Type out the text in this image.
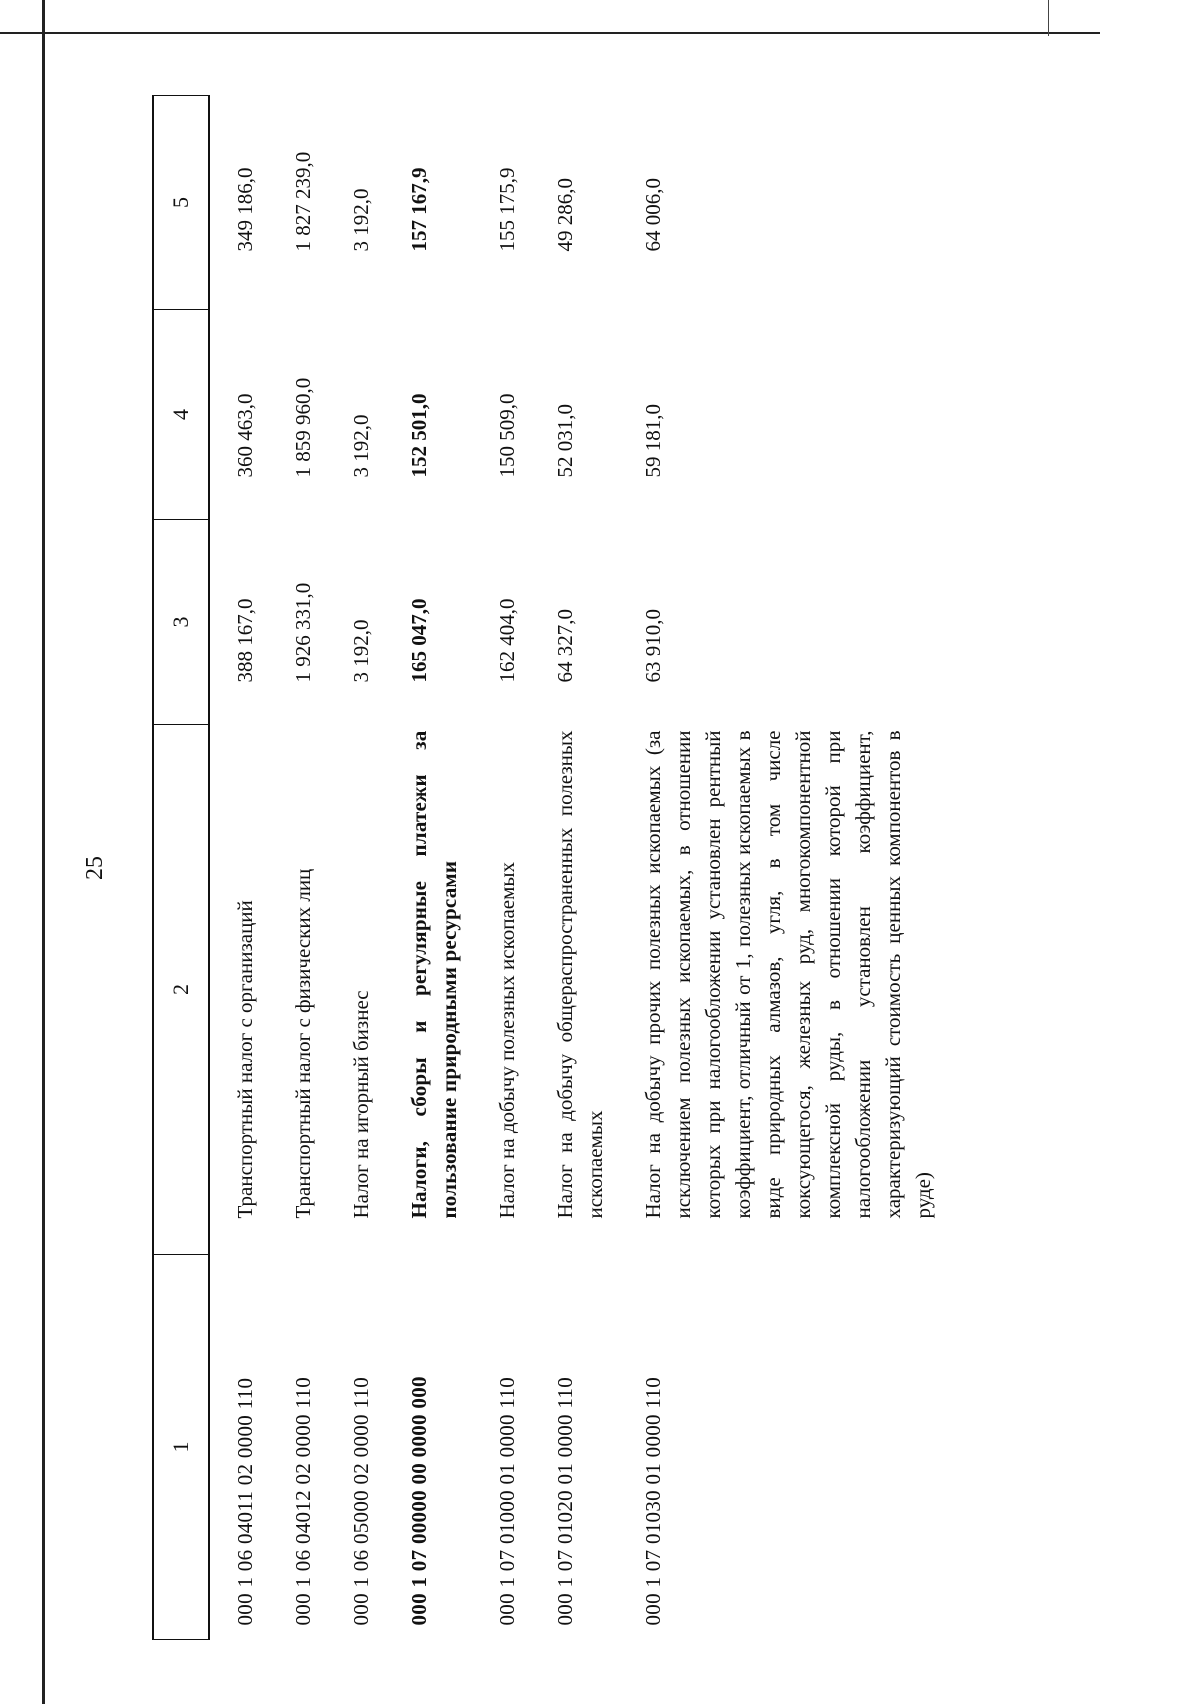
25
1	2	3	4	5
000 1 06 04011 02 0000 110	Транспортный налог с организаций	388 167,0	360 463,0	349 186,0
000 1 06 04012 02 0000 110	Транспортный налог с физических лиц	1 926 331,0	1 859 960,0	1 827 239,0
000 1 06 05000 02 0000 110	Налог на игорный бизнес	3 192,0	3 192,0	3 192,0
000 1 07 00000 00 0000 000	Налоги, сборы и регулярные платежи за пользование природными ресурсами	165 047,0	152 501,0	157 167,9
000 1 07 01000 01 0000 110	Налог на добычу полезных ископаемых	162 404,0	150 509,0	155 175,9
000 1 07 01020 01 0000 110	Налог на добычу общераспространенных полезных ископаемых	64 327,0	52 031,0	49 286,0
000 1 07 01030 01 0000 110	Налог на добычу прочих полезных ископаемых (за исключением полезных ископаемых, в отношении которых при налогообложении установлен рентный коэффициент, отличный от 1, полезных ископаемых в виде природных алмазов, угля, в том числе коксующегося, железных руд, многокомпонентной комплексной руды, в отношении которой при налогообложении установлен коэффициент, характеризующий стоимость ценных компонентов в руде)	63 910,0	59 181,0	64 006,0
